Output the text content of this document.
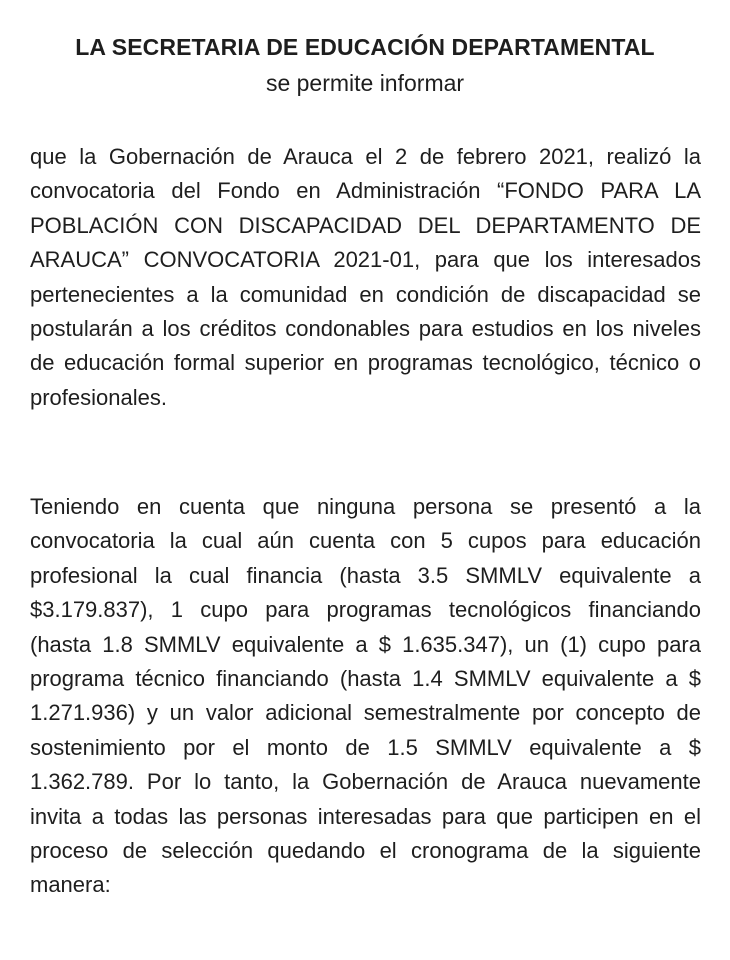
LA SECRETARIA DE EDUCACIÓN DEPARTAMENTAL
se permite informar

que la Gobernación de Arauca el 2 de febrero 2021, realizó la convocatoria del Fondo en Administración “FONDO PARA LA POBLACIÓN CON DISCAPACIDAD DEL DEPARTAMENTO DE ARAUCA” CONVOCATORIA 2021-01, para que los interesados pertenecientes a la comunidad en condición de discapacidad se postularán a los créditos condonables para estudios en los niveles de educación formal superior en programas tecnológico, técnico o profesionales.

Teniendo en cuenta que ninguna persona se presentó a la convocatoria la cual aún cuenta con 5 cupos para educación profesional la cual financia (hasta 3.5 SMMLV equivalente a $3.179.837), 1 cupo para programas tecnológicos financiando (hasta 1.8 SMMLV equivalente a $ 1.635.347), un (1) cupo para programa técnico financiando (hasta 1.4 SMMLV equivalente a $ 1.271.936) y un valor adicional semestralmente por concepto de sostenimiento por el monto de 1.5 SMMLV equivalente a $ 1.362.789. Por lo tanto, la Gobernación de Arauca nuevamente invita a todas las personas interesadas para que participen en el proceso de selección quedando el cronograma de la siguiente manera:
